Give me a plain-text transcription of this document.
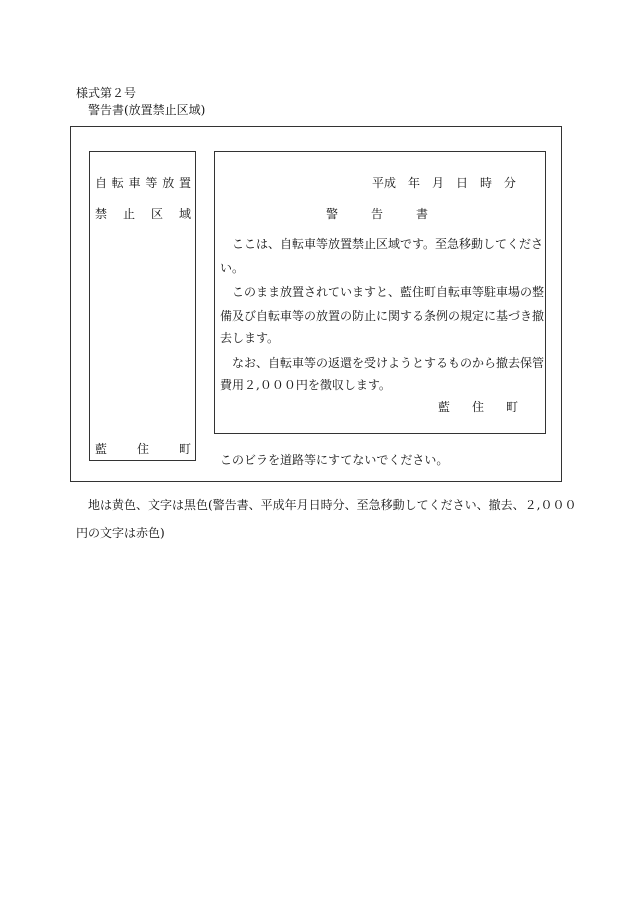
様式第２号
警告書(放置禁止区域)
自 転 車 等 放 置
禁 止 区 域
藍 住 町
平成 年 月 日 時 分
警	告	書
ここは、自転車等放置禁止区域です。至急移動してくださ
い。
このまま放置されていますと、藍住町自転車等駐車場の整
備及び自転車等の放置の防止に関する条例の規定に基づき撤
去します。
なお、自転車等の返還を受けようとするものから撤去保管
費用２,０００円を徴収します。
藍 住 町
このビラを道路等にすてないでください。
地は黄色、文字は黒色(警告書、平成年月日時分、至急移動してください、撤去、２,０００
円の文字は赤色)
